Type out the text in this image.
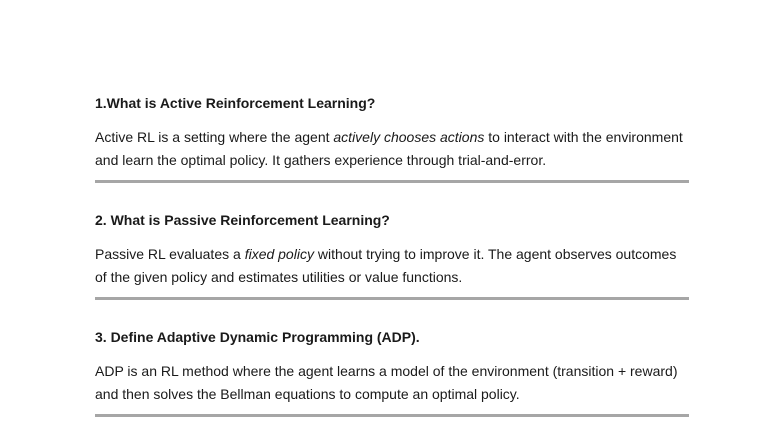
1.What is Active Reinforcement Learning?

Active RL is a setting where the agent actively chooses actions to interact with the environment and learn the optimal policy. It gathers experience through trial-and-error.

2. What is Passive Reinforcement Learning?

Passive RL evaluates a fixed policy without trying to improve it. The agent observes outcomes of the given policy and estimates utilities or value functions.

3. Define Adaptive Dynamic Programming (ADP).

ADP is an RL method where the agent learns a model of the environment (transition + reward) and then solves the Bellman equations to compute an optimal policy.
